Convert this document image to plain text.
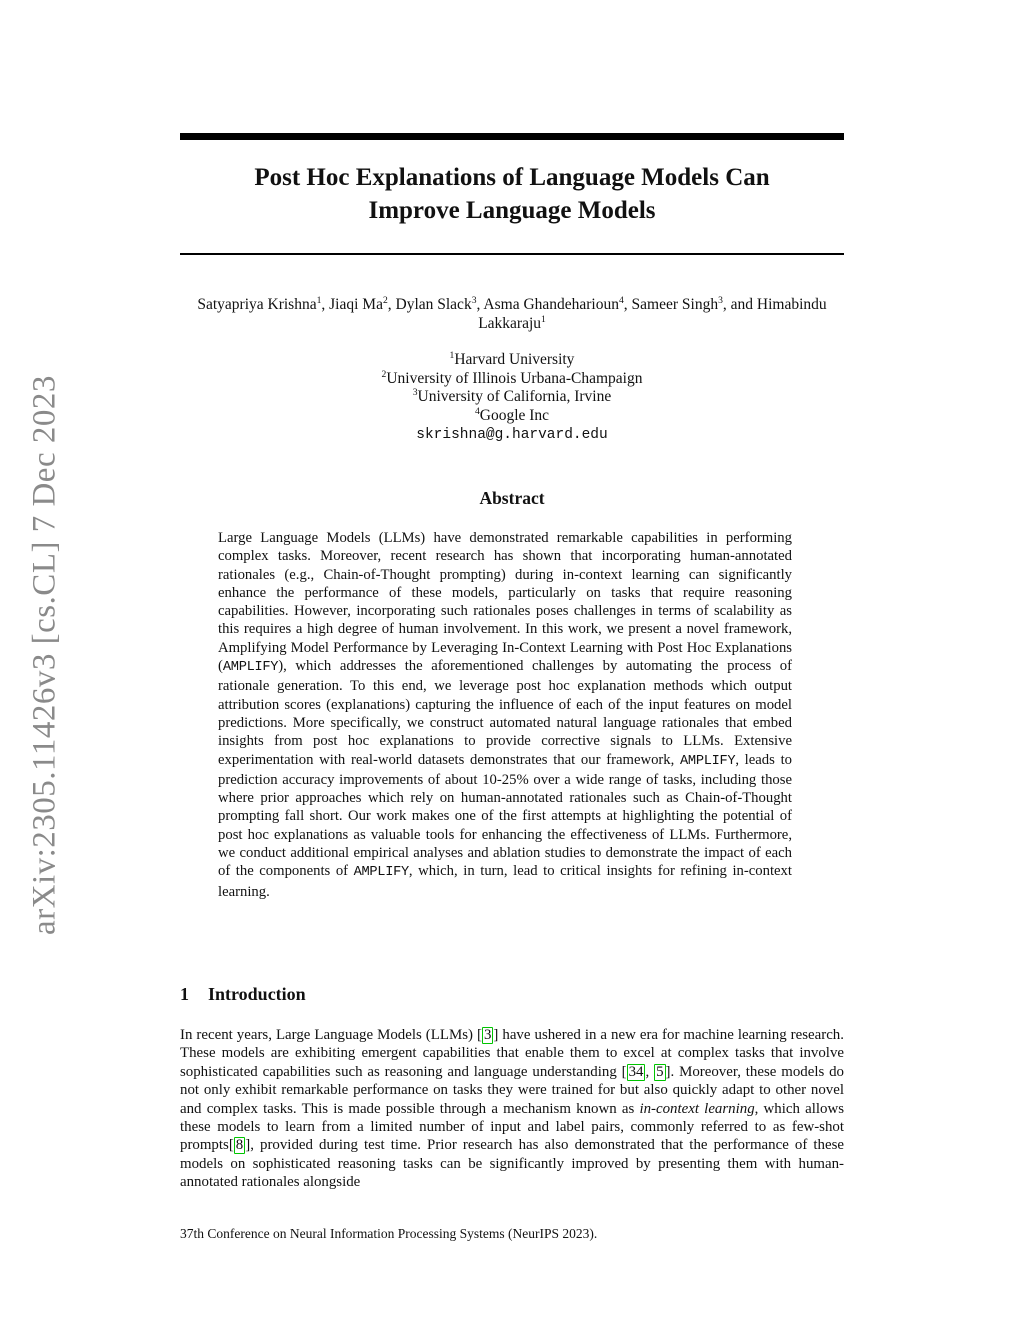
arXiv:2305.11426v3 [cs.CL] 7 Dec 2023
Post Hoc Explanations of Language Models Can
Improve Language Models
Satyapriya Krishna$^1$, Jiaqi Ma$^2$, Dylan Slack$^3$, Asma Ghandeharioun$^4$, Sameer Singh$^3$, and Himabindu Lakkaraju$^1$
$^1$Harvard University
$^2$University of Illinois Urbana-Champaign
$^3$University of California, Irvine
$^4$Google Inc
skrishna@g.harvard.edu
Abstract
Large Language Models (LLMs) have demonstrated remarkable capabilities in performing complex tasks. Moreover, recent research has shown that incorporating human-annotated rationales (e.g., Chain-of-Thought prompting) during in-context learning can significantly enhance the performance of these models, particularly on tasks that require reasoning capabilities. However, incorporating such rationales poses challenges in terms of scalability as this requires a high degree of human involvement. In this work, we present a novel framework, Amplifying Model Performance by Leveraging In-Context Learning with Post Hoc Explanations (AMPLIFY), which addresses the aforementioned challenges by automating the process of rationale generation. To this end, we leverage post hoc explanation methods which output attribution scores (explanations) capturing the influence of each of the input features on model predictions. More specifically, we construct automated natural language rationales that embed insights from post hoc explanations to provide corrective signals to LLMs. Extensive experimentation with real-world datasets demonstrates that our framework, AMPLIFY, leads to prediction accuracy improvements of about 10-25% over a wide range of tasks, including those where prior approaches which rely on human-annotated rationales such as Chain-of-Thought prompting fall short. Our work makes one of the first attempts at highlighting the potential of post hoc explanations as valuable tools for enhancing the effectiveness of LLMs. Furthermore, we conduct additional empirical analyses and ablation studies to demonstrate the impact of each of the components of AMPLIFY, which, in turn, lead to critical insights for refining in-context learning.
1 Introduction
In recent years, Large Language Models (LLMs) [ 3 ] have ushered in a new era for machine learning research. These models are exhibiting emergent capabilities that enable them to excel at complex tasks that involve sophisticated capabilities such as reasoning and language understanding [ 34 , 5 ]. Moreover, these models do not only exhibit remarkable performance on tasks they were trained for but also quickly adapt to other novel and complex tasks. This is made possible through a mechanism known as in-context learning, which allows these models to learn from a limited number of input and label pairs, commonly referred to as few-shot prompts[ 8 ], provided during test time. Prior research has also demonstrated that the performance of these models on sophisticated reasoning tasks can be significantly improved by presenting them with human-annotated rationales alongside
37th Conference on Neural Information Processing Systems (NeurIPS 2023).
